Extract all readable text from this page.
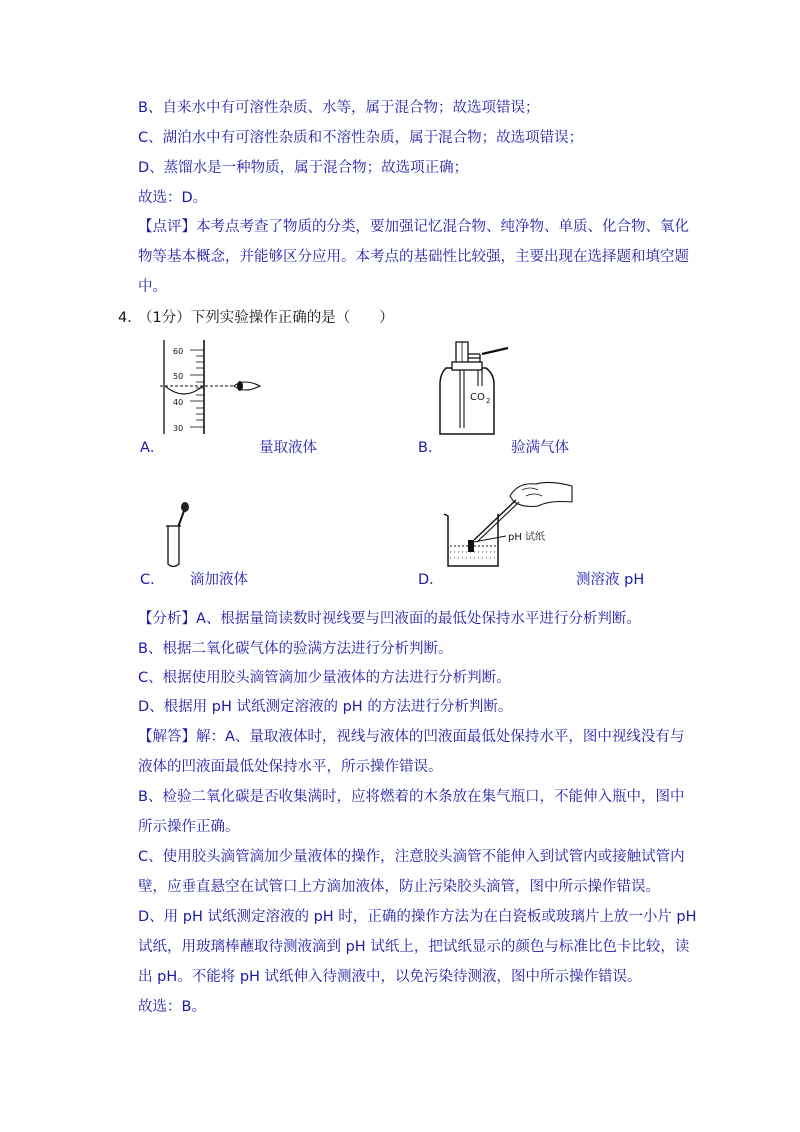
B、自来水中有可溶性杂质、水等，属于混合物；故选项错误；
C、湖泊水中有可溶性杂质和不溶性杂质，属于混合物；故选项错误；
D、蒸馏水是一种物质，属于混合物；故选项正确；
故选：D。
【点评】本考点考查了物质的分类，要加强记忆混合物、纯净物、单质、化合物、氧化
物等基本概念，并能够区分应用。本考点的基础性比较强，主要出现在选择题和填空题
中。
4．
（1分）下列实验操作正确的是（　　）
60
50
40
30
A．	量取液体
CO 2
B．	验满气体
C． 滴加液体
pH 试纸
D．	测溶液 pH
【分析】A、根据量筒读数时视线要与凹液面的最低处保持水平进行分析判断。
B、根据二氧化碳气体的验满方法进行分析判断。
C、根据使用胶头滴管滴加少量液体的方法进行分析判断。
D、根据用 pH 试纸测定溶液的 pH 的方法进行分析判断。
【解答】解：A、量取液体时，视线与液体的凹液面最低处保持水平，图中视线没有与
液体的凹液面最低处保持水平，所示操作错误。
B、检验二氧化碳是否收集满时，应将燃着的木条放在集气瓶口，不能伸入瓶中，图中
所示操作正确。
C、使用胶头滴管滴加少量液体的操作，注意胶头滴管不能伸入到试管内或接触试管内
壁，应垂直悬空在试管口上方滴加液体，防止污染胶头滴管，图中所示操作错误。
D、用 pH 试纸测定溶液的 pH 时，正确的操作方法为在白瓷板或玻璃片上放一小片 pH
试纸，用玻璃棒蘸取待测液滴到 pH 试纸上，把试纸显示的颜色与标准比色卡比较，读
出 pH。不能将 pH 试纸伸入待测液中，以免污染待测液，图中所示操作错误。
故选：B。
